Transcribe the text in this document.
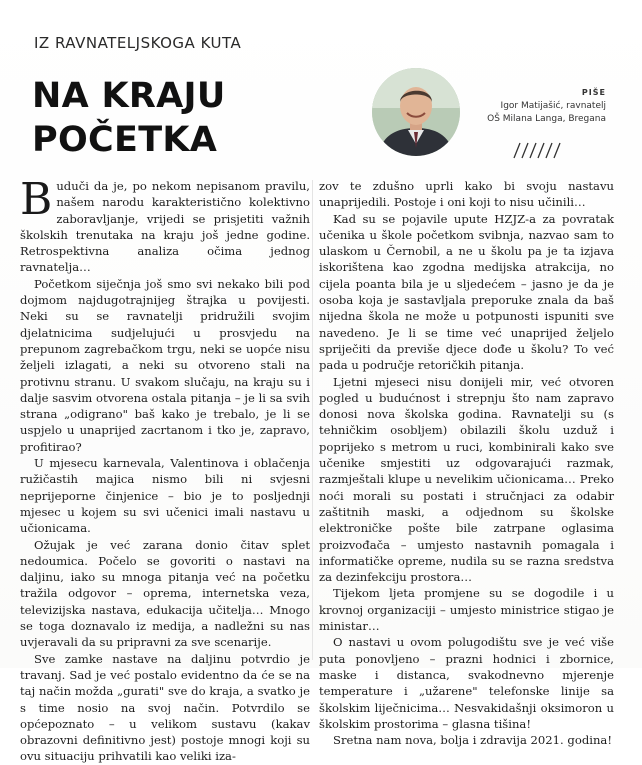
IZ RAVNATELJSKOGA KUTA
NA KRAJU
POČETKA
PIŠE
Igor Matijašić, ravnatelj
OŠ Milana Langa, Bregana

Buduči da je, po nekom nepisanom pravilu, našem narodu karakteristično kolektivno zaboravljanje, vrijedi se prisjetiti važnih školskih trenutaka na kraju još jedne godine. Retrospektivna analiza očima jednog ravnatelja…

Početkom siječnja još smo svi nekako bili pod dojmom najdugotrajnijeg štrajka u povijesti. Neki su se ravnatelji pridružili svojim djelatnicima sudjelujući u prosvjedu na prepunom zagrebačkom trgu, neki se uopće nisu željeli izlagati, a neki su otvoreno stali na protivnu stranu. U svakom slučaju, na kraju su i dalje sasvim otvorena ostala pitanja – je li sa svih strana „odigrano" baš kako je trebalo, je li se uspjelo u unaprijed zacrtanom i tko je, zapravo, profitirao?

U mjesecu karnevala, Valentinova i oblačenja ružičastih majica nismo bili ni svjesni neprijeporne činjenice – bio je to posljednji mjesec u kojem su svi učenici imali nastavu u učionicama.

Ožujak je već zarana donio čitav splet nedoumica. Počelo se govoriti o nastavi na daljinu, iako su mnoga pitanja već na početku tražila odgovor – oprema, internetska veza, televizijska nastava, edukacija učitelja… Mnogo se toga doznavalo iz medija, a nadležni su nas uvjeravali da su pripravni za sve scenarije.

Sve zamke nastave na daljinu potvrdio je travanj. Sad je već postalo evidentno da će se na taj način možda „gurati" sve do kraja, a svatko je s time nosio na svoj način. Potvrdilo se općepoznato – u velikom sustavu (kakav obrazovni definitivno jest) postoje mnogi koji su ovu situaciju prihvatili kao veliki iza-

zov te zdušno uprli kako bi svoju nastavu unaprijedili. Postoje i oni koji to nisu učinili…

Kad su se pojavile upute HZJZ-a za povratak učenika u škole početkom svibnja, nazvao sam to ulaskom u Černobil, a ne u školu pa je ta izjava iskorištena kao zgodna medijska atrakcija, no cijela poanta bila je u sljedećem – jasno je da je osoba koja je sastavljala preporuke znala da baš nijedna škola ne može u potpunosti ispuniti sve navedeno. Je li se time već unaprijed željelo spriječiti da previše djece dođe u školu? To već pada u područje retoričkih pitanja.

Ljetni mjeseci nisu donijeli mir, već otvoren pogled u budućnost i strepnju što nam zapravo donosi nova školska godina. Ravnatelji su (s tehničkim osobljem) obilazili školu uzduž i poprijeko s metrom u ruci, kombinirali kako sve učenike smjestiti uz odgovarajući razmak, razmještali klupe u nevelikim učionicama… Preko noći morali su postati i stručnjaci za odabir zaštitnih maski, a odjednom su školske elektroničke pošte bile zatrpane oglasima proizvođača – umjesto nastavnih pomagala i informatičke opreme, nudila su se razna sredstva za dezinfekciju prostora…

Tijekom ljeta promjene su se dogodile i u krovnoj organizaciji – umjesto ministrice stigao je ministar…

O nastavi u ovom polugodištu sve je već više puta ponovljeno – prazni hodnici i zbornice, maske i distanca, svakodnevno mjerenje temperature i „užarene" telefonske linije sa školskim liječnicima… Nesvakidašnji oksimoron u školskim prostorima – glasna tišina!

Sretna nam nova, bolja i zdravija 2021. godina!
